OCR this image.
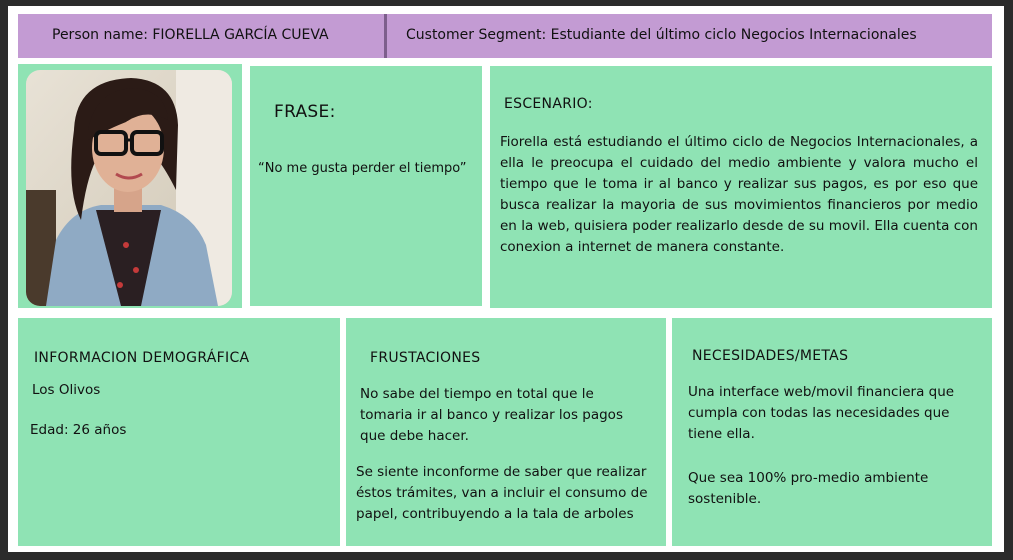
Person name: FIORELLA GARCÍA CUEVA	Customer Segment: Estudiante del último ciclo Negocios Internacionales
FRASE:
“No me gusta perder el tiempo”
ESCENARIO:
Fiorella está estudiando el último ciclo de Negocios Internacionales, a ella le preocupa el cuidado del medio ambiente y valora mucho el tiempo que le toma ir al banco y realizar sus pagos, es por eso que busca realizar la mayoria de sus movimientos financieros por medio en la web, quisiera poder realizarlo desde de su movil. Ella cuenta con conexion a internet de manera constante.
INFORMACION DEMOGRÁFICA
Los Olivos
Edad: 26 años
FRUSTACIONES
No sabe del tiempo en total que le tomaria ir al banco y realizar los pagos que debe hacer.
Se siente inconforme de saber que realizar éstos trámites, van a incluir el consumo de papel, contribuyendo a la tala de arboles
NECESIDADES/METAS
Una interface web/movil financiera que cumpla con todas las necesidades que tiene ella.
Que sea 100% pro-medio ambiente sostenible.
